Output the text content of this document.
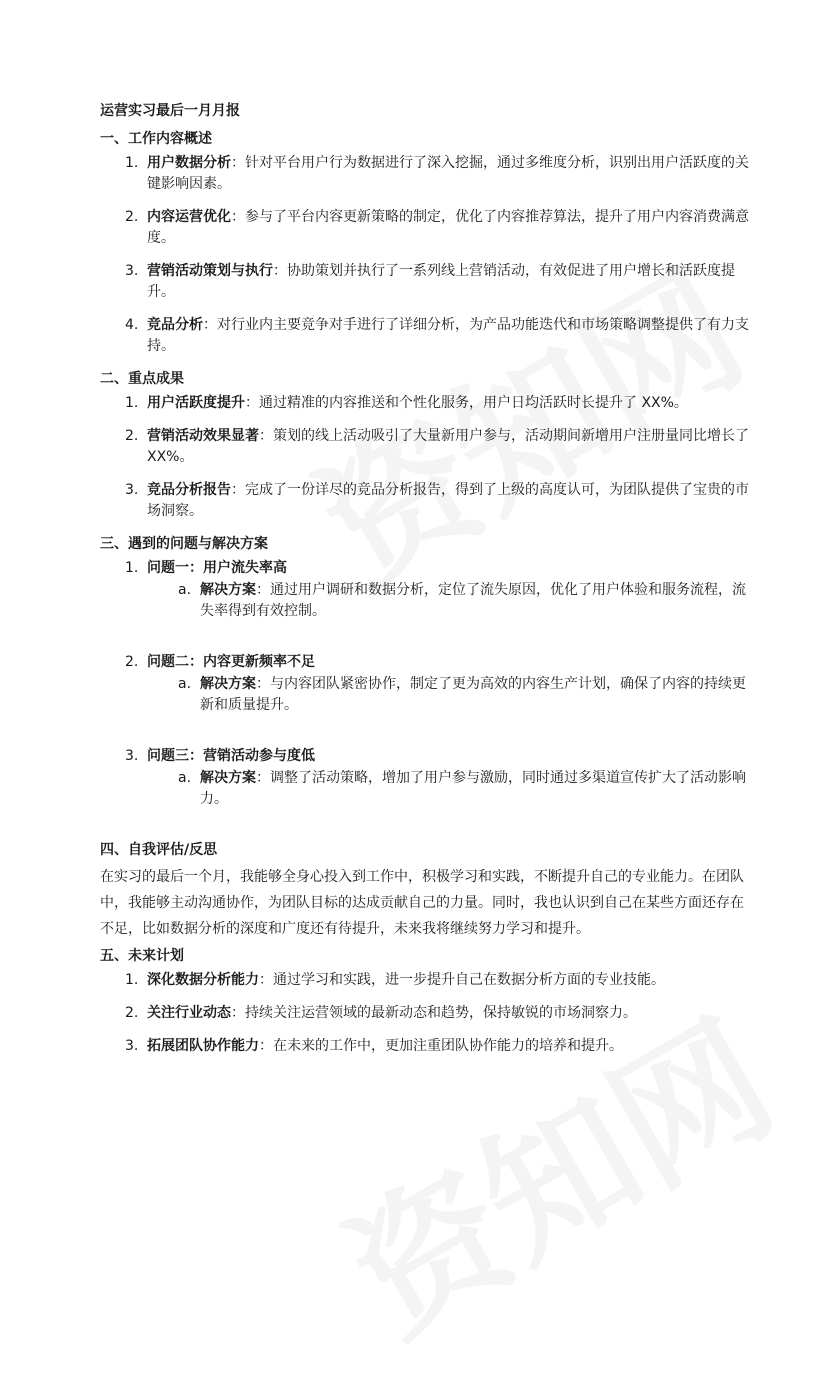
运营实习最后一月月报

一、工作内容概述

1. 用户数据分析：针对平台用户行为数据进行了深入挖掘，通过多维度分析，识别出用户活跃度的关键影响因素。
2. 内容运营优化：参与了平台内容更新策略的制定，优化了内容推荐算法，提升了用户内容消费满意度。
3. 营销活动策划与执行：协助策划并执行了一系列线上营销活动，有效促进了用户增长和活跃度提升。
4. 竞品分析：对行业内主要竞争对手进行了详细分析，为产品功能迭代和市场策略调整提供了有力支持。

二、重点成果

1. 用户活跃度提升：通过精准的内容推送和个性化服务，用户日均活跃时长提升了 XX%。
2. 营销活动效果显著：策划的线上活动吸引了大量新用户参与，活动期间新增用户注册量同比增长了 XX%。
3. 竞品分析报告：完成了一份详尽的竞品分析报告，得到了上级的高度认可，为团队提供了宝贵的市场洞察。

三、遇到的问题与解决方案

1. 问题一：用户流失率高
a. 解决方案：通过用户调研和数据分析，定位了流失原因，优化了用户体验和服务流程，流失率得到有效控制。
2. 问题二：内容更新频率不足
a. 解决方案：与内容团队紧密协作，制定了更为高效的内容生产计划，确保了内容的持续更新和质量提升。
3. 问题三：营销活动参与度低
a. 解决方案：调整了活动策略，增加了用户参与激励，同时通过多渠道宣传扩大了活动影响力。

四、自我评估/反思

在实习的最后一个月，我能够全身心投入到工作中，积极学习和实践，不断提升自己的专业能力。在团队中，我能够主动沟通协作，为团队目标的达成贡献自己的力量。同时，我也认识到自己在某些方面还存在不足，比如数据分析的深度和广度还有待提升，未来我将继续努力学习和提升。

五、未来计划

1. 深化数据分析能力：通过学习和实践，进一步提升自己在数据分析方面的专业技能。
2. 关注行业动态：持续关注运营领域的最新动态和趋势，保持敏锐的市场洞察力。
3. 拓展团队协作能力：在未来的工作中，更加注重团队协作能力的培养和提升。
